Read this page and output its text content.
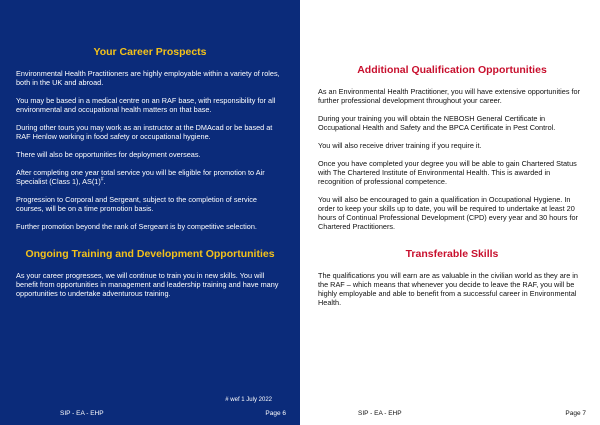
Your Career Prospects

Environmental Health Practitioners are highly employable within a variety of roles, both in the UK and abroad.

You may be based in a medical centre on an RAF base, with responsibility for all environmental and occupational health matters on that base.

During other tours you may work as an instructor at the DMAcad or be based at RAF Henlow working in food safety or occupational hygiene.

There will also be opportunities for deployment overseas.

After completing one year total service you will be eligible for promotion to Air Specialist (Class 1), AS(1)#.

Progression to Corporal and Sergeant, subject to the completion of service courses, will be on a time promotion basis.

Further promotion beyond the rank of Sergeant is by competitive selection.

Ongoing Training and Development Opportunities

As your career progresses, we will continue to train you in new skills. You will benefit from opportunities in management and leadership training and have many opportunities to undertake adventurous training.

# wef 1 July 2022
SIP - EA - EHP	Page 6
Additional Qualification Opportunities

As an Environmental Health Practitioner, you will have extensive opportunities for further professional development throughout your career.

During your training you will obtain the NEBOSH General Certificate in Occupational Health and Safety and the BPCA Certificate in Pest Control.

You will also receive driver training if you require it.

Once you have completed your degree you will be able to gain Chartered Status with The Chartered Institute of Environmental Health. This is awarded in recognition of professional competence.

You will also be encouraged to gain a qualification in Occupational Hygiene. In order to keep your skills up to date, you will be required to undertake at least 20 hours of Continual Professional Development (CPD) every year and 30 hours for Chartered Practitioners.

Transferable Skills

The qualifications you will earn are as valuable in the civilian world as they are in the RAF – which means that whenever you decide to leave the RAF, you will be highly employable and able to benefit from a successful career in Environmental Health.

SIP - EA - EHP	Page 7
